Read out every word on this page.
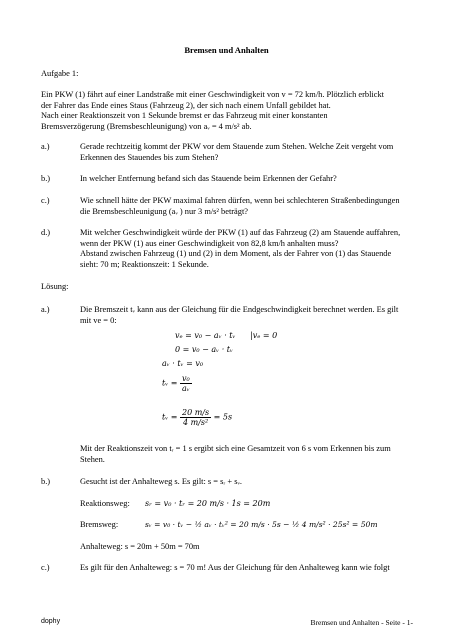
Bremsen und Anhalten
Aufgabe 1:
Ein PKW (1) fährt auf einer Landstraße mit einer Geschwindigkeit von v = 72 km/h. Plötzlich erblickt
der Fahrer das Ende eines Staus (Fahrzeug 2), der sich nach einem Unfall gebildet hat.
Nach einer Reaktionszeit von 1 Sekunde bremst er das Fahrzeug mit einer konstanten
Bremsverzögerung (Bremsbeschleunigung) von aᵥ = 4 m/s² ab.
a.)	Gerade rechtzeitig kommt der PKW vor dem Stauende zum Stehen. Welche Zeit vergeht vom
Erkennen des Stauendes bis zum Stehen?
b.)	In welcher Entfernung befand sich das Stauende beim Erkennen der Gefahr?
c.)	Wie schnell hätte der PKW maximal fahren dürfen, wenn bei schlechteren Straßenbedingungen
die Bremsbeschleunigung (aᵥ ) nur 3 m/s² beträgt?
d.)	Mit welcher Geschwindigkeit würde der PKW (1) auf das Fahrzeug (2) am Stauende auffahren,
wenn der PKW (1) aus einer Geschwindigkeit von 82,8 km/h anhalten muss?
Abstand zwischen Fahrzeug (1) und (2) in dem Moment, als der Fahrer von (1) das Stauende
sieht: 70 m; Reaktionszeit: 1 Sekunde.
Lösung:
a.)	Die Bremszeit tᵥ kann aus der Gleichung für die Endgeschwindigkeit berechnet werden. Es gilt
mit ve = 0:
vₑ = v₀ − aᵥ · tᵥ |vₑ = 0
0 = v₀ − aᵥ · tᵥ
aᵥ · tᵥ = v₀
tᵥ = $\frac{\text{v₀}}{\text{aᵥ}}$
tᵥ = $\frac{20 m/s}{\text{4 m/s²}} = 5s$
Mit der Reaktionszeit von tᵣ = 1 s ergibt sich eine Gesamtzeit von 6 s vom Erkennen bis zum
Stehen.
b.)	Gesucht ist der Anhalteweg s. Es gilt: s = sᵣ + sᵥ.
Reaktionsweg: sᵣ = v₀ · tᵣ = 20 m/s · 1s = 20m
Bremsweg:	sᵥ = v₀ · tᵥ − ½ aᵥ · tᵥ² = 20 m/s · 5s − ½ 4 m/s² · 25s² = 50m
Anhalteweg: s = 20m + 50m = 70m
c.)	Es gilt für den Anhalteweg: s = 70 m! Aus der Gleichung für den Anhalteweg kann wie folgt
dophy	Bremsen und Anhalten - Seite - 1-
